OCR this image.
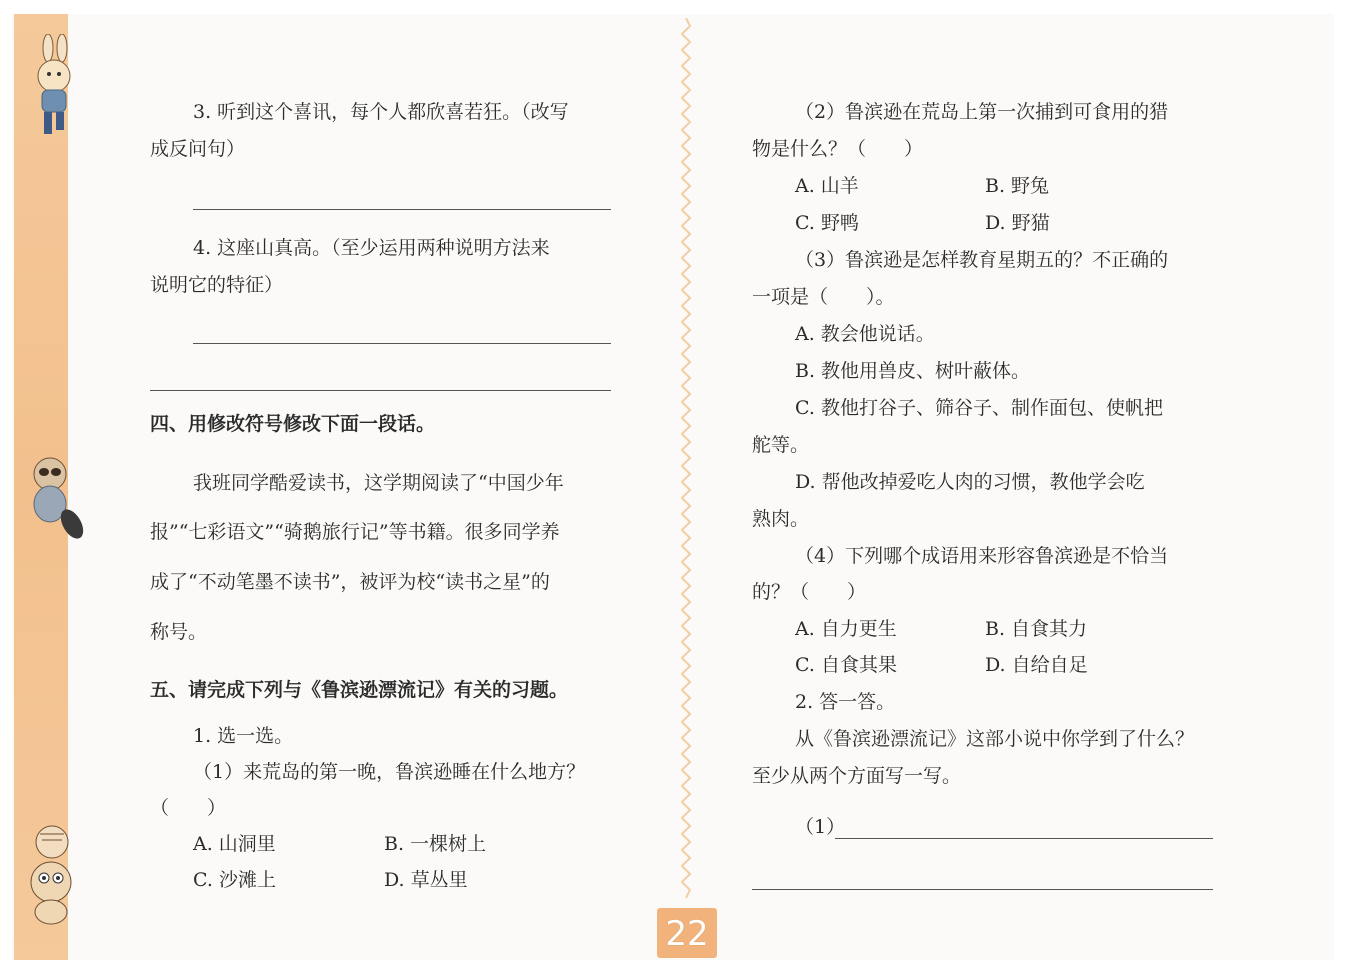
3. 听到这个喜讯，每个人都欣喜若狂。（改写
成反问句）
4. 这座山真高。（至少运用两种说明方法来
说明它的特征）
四、用修改符号修改下面一段话。
我班同学酷爱读书，这学期阅读了“中国少年
报”“七彩语文”“骑鹅旅行记”等书籍。很多同学养
成了“不动笔墨不读书”，被评为校“读书之星”的
称号。
五、请完成下列与《鲁滨逊漂流记》有关的习题。
1. 选一选。
（1）来荒岛的第一晚，鲁滨逊睡在什么地方？
（　　）
A. 山洞里	B. 一棵树上
C. 沙滩上	D. 草丛里
（2）鲁滨逊在荒岛上第一次捕到可食用的猎
物是什么？（　　）
A. 山羊	B. 野兔
C. 野鸭	D. 野猫
（3）鲁滨逊是怎样教育星期五的？不正确的
一项是（　　）。
A. 教会他说话。
B. 教他用兽皮、树叶蔽体。
C. 教他打谷子、筛谷子、制作面包、使帆把
舵等。
D. 帮他改掉爱吃人肉的习惯，教他学会吃
熟肉。
（4）下列哪个成语用来形容鲁滨逊是不恰当
的？（　　）
A. 自力更生	B. 自食其力
C. 自食其果	D. 自给自足
2. 答一答。
从《鲁滨逊漂流记》这部小说中你学到了什么？
至少从两个方面写一写。
（1）
22
